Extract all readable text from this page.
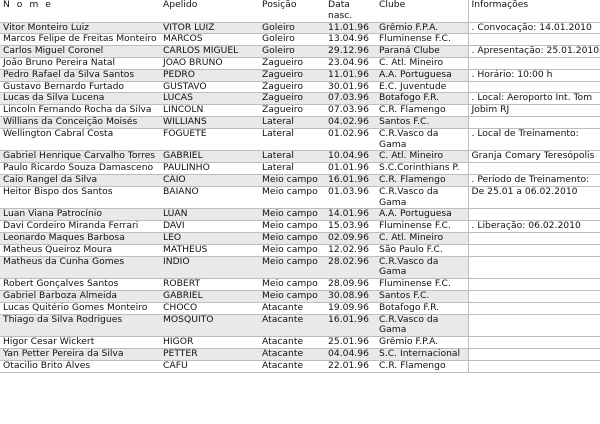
N o m e	Apelido	Posição	Data nasc.	Clube	Informações
Vitor Monteiro Luiz	VITOR LUIZ	Goleiro	11.01.96	Grêmio F.P.A.	. Convocação: 14.01.2010
Marcos Felipe de Freitas Monteiro	MARCOS	Goleiro	13.04.96	Fluminense F.C.	
Carlos Miguel Coronel	CARLOS MIGUEL	Goleiro	29.12.96	Paraná Clube	. Apresentação: 25.01.2010
João Bruno Pereira Natal	JOÃO BRUNO	Zagueiro	23.04.96	C. Atl. Mineiro	
Pedro Rafael da Silva Santos	PEDRO	Zagueiro	11.01.96	A.A. Portuguesa	. Horário: 10:00 h
Gustavo Bernardo Furtado	GUSTAVO	Zagueiro	30.01.96	E.C. Juventude	
Lucas da Silva Lucena	LUCAS	Zagueiro	07.03.96	Botafogo F.R.	. Local: Aeroporto Int. Tom
Lincoln Fernando Rocha da Silva	LINCOLN	Zagueiro	07.03.96	C.R. Flamengo	Jobim RJ
Willians da Conceição Moisés	WILLIANS	Lateral	04.02.96	Santos F.C.	
Wellington Cabral Costa	FOGUETE	Lateral	01.02.96	C.R.Vasco da Gama	. Local de Treinamento:
Gabriel Henrique Carvalho Torres	GABRIEL	Lateral	10.04.96	C. Atl. Mineiro	Granja Comary Teresópolis
Paulo Ricardo Souza Damasceno	PAULINHO	Lateral	01.01.96	S.C.Corinthians P.	
Caio Rangel da Silva	CAIO	Meio campo	16.01.96	C.R. Flamengo	. Período de Treinamento:
Heitor Bispo dos Santos	BAIANO	Meio campo	01.03.96	C.R.Vasco da Gama	De 25.01 a 06.02.2010
Luan Viana Patrocínio	LUAN	Meio campo	14.01.96	A.A. Portuguesa	
Davi Cordeiro Miranda Ferrari	DAVI	Meio campo	15.03.96	Fluminense F.C.	. Liberação: 06.02.2010
Leonardo Maques Barbosa	LEO	Meio campo	02.09.96	C. Atl. Mineiro	
Matheus Queiroz Moura	MATHEUS	Meio campo	12.02.96	São Paulo F.C.	
Matheus da Cunha Gomes	INDIO	Meio campo	28.02.96	C.R.Vasco da Gama	
Robert Gonçalves Santos	ROBERT	Meio campo	28.09.96	Fluminense F.C.	
Gabriel Barboza Almeida	GABRIEL	Meio campo	30.08.96	Santos F.C.	
Lucas Quitério Gomes Monteiro	CHOCO	Atacante	19.09.96	Botafogo F.R.	
Thiago da Silva Rodrigues	MOSQUITO	Atacante	16.01.96	C.R.Vasco da Gama	
Higor Cesar Wickert	HIGOR	Atacante	25.01.96	Grêmio F.P.A.	
Yan Petter Pereira da Silva	PETTER	Atacante	04.04.96	S.C. Internacional	
Otacilio Brito Alves	CAFÚ	Atacante	22.01.96	C.R. Flamengo	
